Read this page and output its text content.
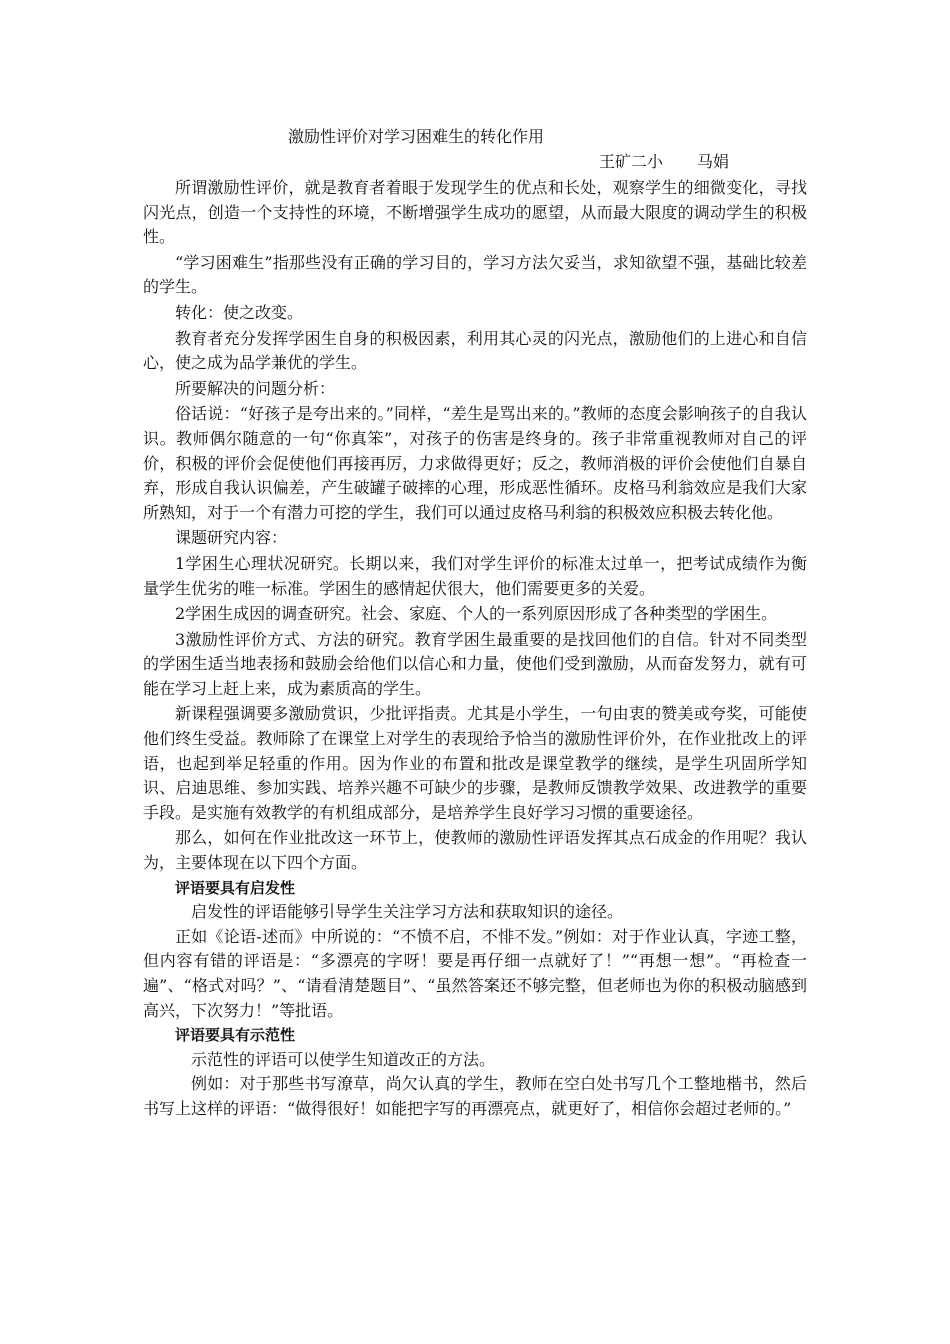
激励性评价对学习困难生的转化作用
王矿二小 马娟

所谓激励性评价，就是教育者着眼于发现学生的优点和长处，观察学生的细微变化，寻找闪光点，创造一个支持性的环境，不断增强学生成功的愿望，从而最大限度的调动学生的积极性。

“学习困难生”指那些没有正确的学习目的，学习方法欠妥当，求知欲望不强，基础比较差的学生。

转化：使之改变。

教育者充分发挥学困生自身的积极因素，利用其心灵的闪光点，激励他们的上进心和自信心，使之成为品学兼优的学生。

所要解决的问题分析：

俗话说：“好孩子是夸出来的。”同样，“差生是骂出来的。”教师的态度会影响孩子的自我认识。教师偶尔随意的一句“你真笨”，对孩子的伤害是终身的。孩子非常重视教师对自己的评价，积极的评价会促使他们再接再厉，力求做得更好；反之，教师消极的评价会使他们自暴自弃，形成自我认识偏差，产生破罐子破摔的心理，形成恶性循环。皮格马利翁效应是我们大家所熟知，对于一个有潜力可挖的学生，我们可以通过皮格马利翁的积极效应积极去转化他。

课题研究内容：

1学困生心理状况研究。长期以来，我们对学生评价的标准太过单一，把考试成绩作为衡量学生优劣的唯一标准。学困生的感情起伏很大，他们需要更多的关爱。

2学困生成因的调查研究。社会、家庭、个人的一系列原因形成了各种类型的学困生。

3激励性评价方式、方法的研究。教育学困生最重要的是找回他们的自信。针对不同类型的学困生适当地表扬和鼓励会给他们以信心和力量，使他们受到激励，从而奋发努力，就有可能在学习上赶上来，成为素质高的学生。

新课程强调要多激励赏识，少批评指责。尤其是小学生，一句由衷的赞美或夸奖，可能使他们终生受益。教师除了在课堂上对学生的表现给予恰当的激励性评价外，在作业批改上的评语，也起到举足轻重的作用。因为作业的布置和批改是课堂教学的继续，是学生巩固所学知识、启迪思维、参加实践、培养兴趣不可缺少的步骤，是教师反馈教学效果、改进教学的重要手段。是实施有效教学的有机组成部分，是培养学生良好学习习惯的重要途径。

那么，如何在作业批改这一环节上，使教师的激励性评语发挥其点石成金的作用呢？我认为，主要体现在以下四个方面。

评语要具有启发性

启发性的评语能够引导学生关注学习方法和获取知识的途径。

正如《论语-述而》中所说的：“不愤不启，不悱不发。”例如：对于作业认真，字迹工整，但内容有错的评语是：“多漂亮的字呀！要是再仔细一点就好了！”“再想一想”。“再检查一遍”、“格式对吗？”、“请看清楚题目”、“虽然答案还不够完整，但老师也为你的积极动脑感到高兴，下次努力！”等批语。

评语要具有示范性

示范性的评语可以使学生知道改正的方法。

例如：对于那些书写潦草，尚欠认真的学生，教师在空白处书写几个工整地楷书，然后书写上这样的评语：“做得很好！如能把字写的再漂亮点，就更好了，相信你会超过老师的。”
